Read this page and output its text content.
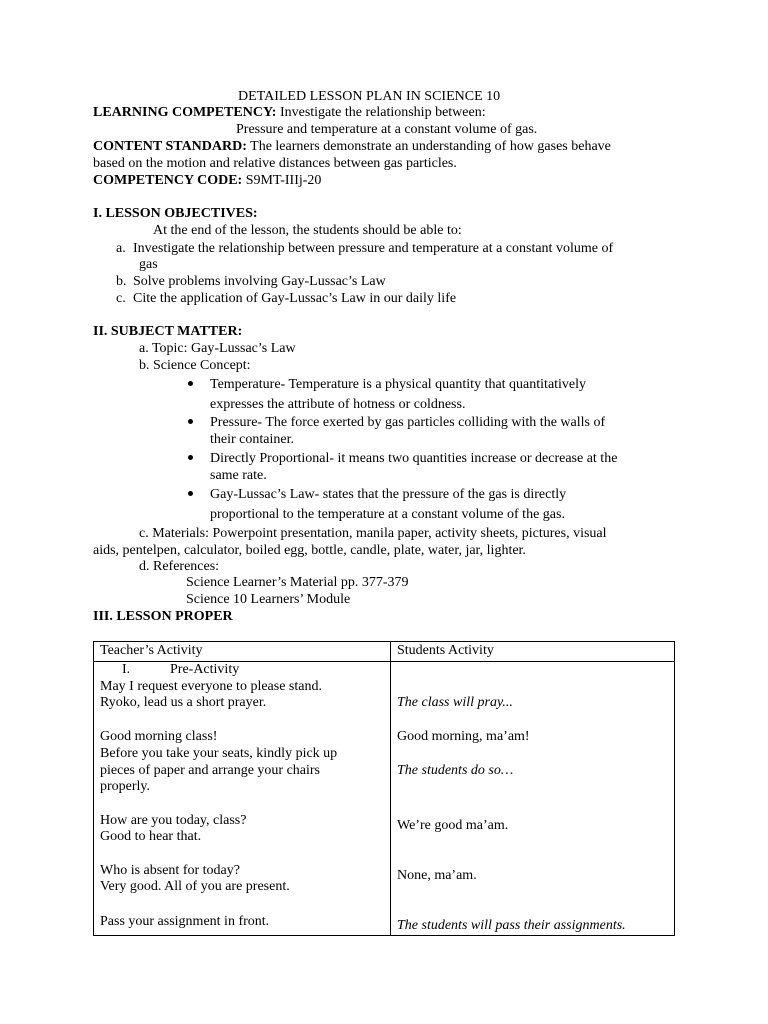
DETAILED LESSON PLAN IN SCIENCE 10
LEARNING COMPETENCY: Investigate the relationship between:
Pressure and temperature at a constant volume of gas.
CONTENT STANDARD: The learners demonstrate an understanding of how gases behave
based on the motion and relative distances between gas particles.
COMPETENCY CODE: S9MT-IIIj-20
I. LESSON OBJECTIVES:
At the end of the lesson, the students should be able to:
a. Investigate the relationship between pressure and temperature at a constant volume of
gas
b. Solve problems involving Gay-Lussac’s Law
c. Cite the application of Gay-Lussac’s Law in our daily life
II. SUBJECT MATTER:
a. Topic: Gay-Lussac’s Law
b. Science Concept:
Temperature- Temperature is a physical quantity that quantitatively
expresses the attribute of hotness or coldness.
Pressure- The force exerted by gas particles colliding with the walls of
their container.
Directly Proportional- it means two quantities increase or decrease at the
same rate.
Gay-Lussac’s Law- states that the pressure of the gas is directly
proportional to the temperature at a constant volume of the gas.
c. Materials: Powerpoint presentation, manila paper, activity sheets, pictures, visual
aids, pentelpen, calculator, boiled egg, bottle, candle, plate, water, jar, lighter.
d. References:
Science Learner’s Material pp. 377-379
Science 10 Learners’ Module
III. LESSON PROPER
Teacher’s Activity	Students Activity
I.	Pre-Activity
May I request everyone to please stand.
Ryoko, lead us a short prayer.
Good morning class!
Before you take your seats, kindly pick up
pieces of paper and arrange your chairs
properly.
How are you today, class?
Good to hear that.
Who is absent for today?
Very good. All of you are present.
Pass your assignment in front.
The class will pray...
Good morning, ma’am!
The students do so…
We’re good ma’am.
None, ma’am.
The students will pass their assignments.
